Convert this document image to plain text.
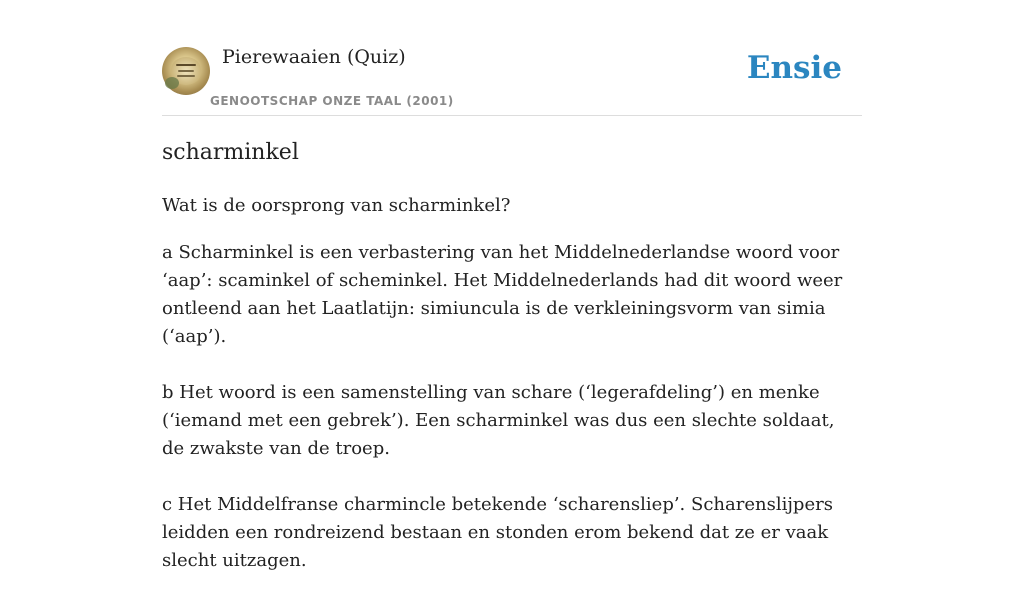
Pierewaaien (Quiz)
GENOOTSCHAP ONZE TAAL (2001)
Ensie
scharminkel

Wat is de oorsprong van scharminkel?

a Scharminkel is een verbastering van het Middelnederlandse woord voor ‘aap’: scaminkel of scheminkel. Het Middelnederlands had dit woord weer ontleend aan het Laatlatijn: simiuncula is de verkleiningsvorm van simia (‘aap’).

b Het woord is een samenstelling van schare (‘legerafdeling’) en menke (‘iemand met een gebrek’). Een scharminkel was dus een slechte soldaat, de zwakste van de troep.

c Het Middelfranse charmincle betekende ‘scharensliep’. Scharenslijpers leidden een rondreizend bestaan en stonden erom bekend dat ze er vaak slecht uitzagen.
